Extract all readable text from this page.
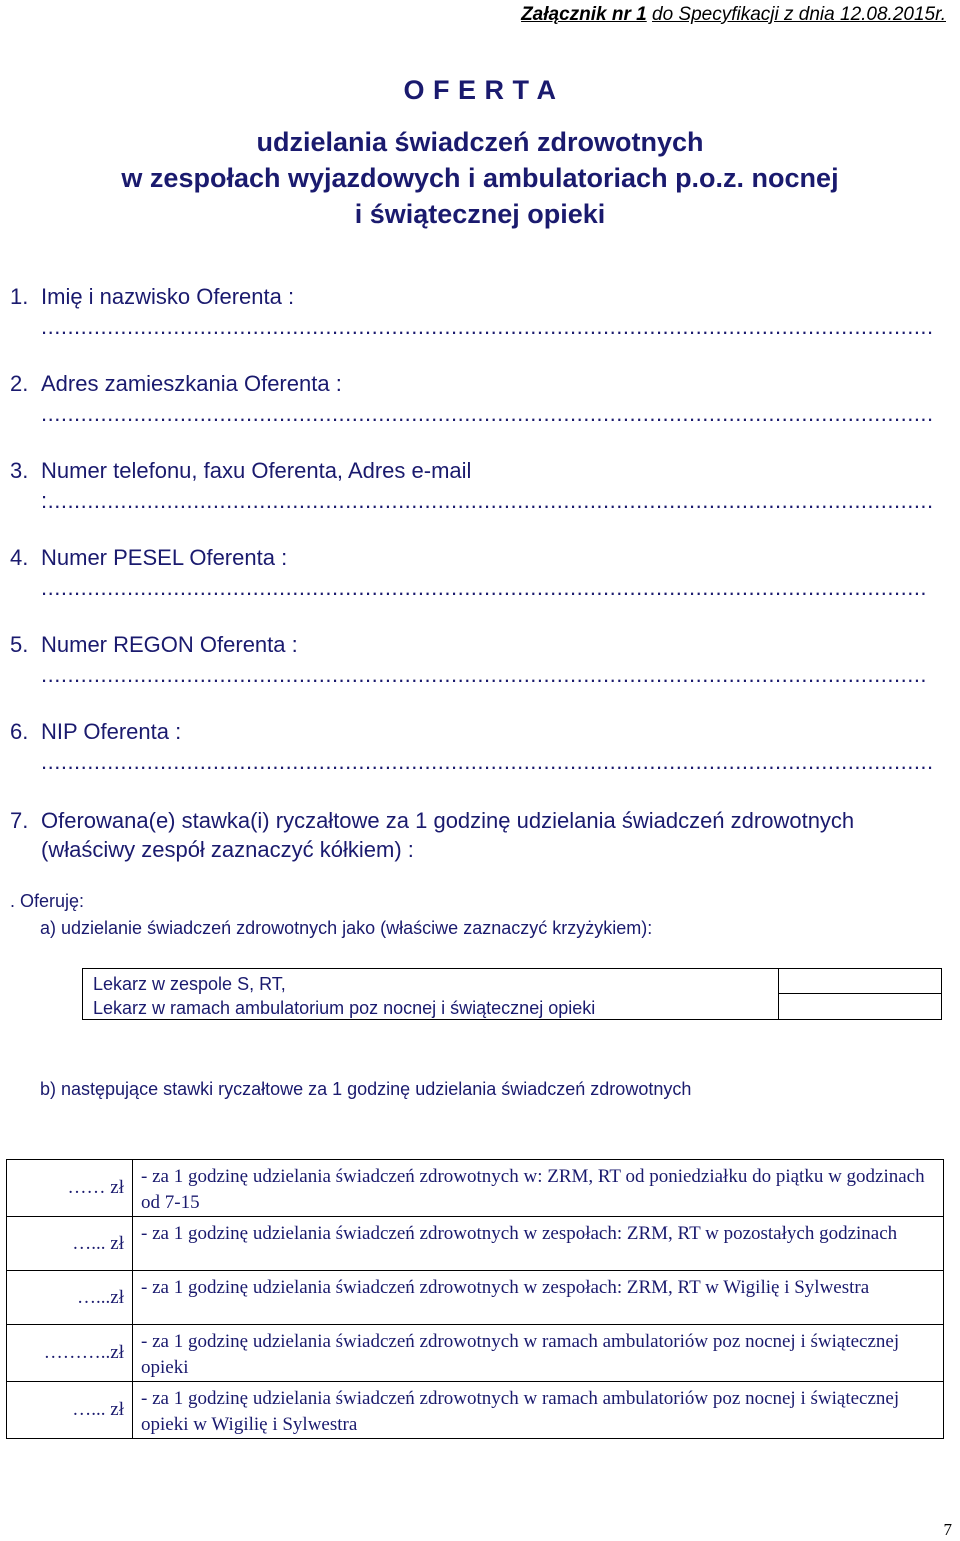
Załącznik nr 1 do Specyfikacji z dnia 12.08.2015r.
O F E R T A
udzielania świadczeń zdrowotnych
w zespołach wyjazdowych i ambulatoriach p.o.z. nocnej
i świątecznej opieki
1. Imię i nazwisko Oferenta :
.......................................................................................................................................
2. Adres zamieszkania Oferenta :
.......................................................................................................................................
3. Numer telefonu, faxu Oferenta, Adres e-mail
:......................................................................................................................................
4. Numer PESEL Oferenta :
......................................................................................................................................
5. Numer REGON Oferenta :
......................................................................................................................................
6. NIP Oferenta :
.......................................................................................................................................
7. Oferowana(e) stawka(i) ryczałtowe za 1 godzinę udzielania świadczeń zdrowotnych (właściwy zespół zaznaczyć kółkiem) :
. Oferuję:
a) udzielanie świadczeń zdrowotnych jako (właściwe zaznaczyć krzyżykiem):
Lekarz w zespole S, RT,
Lekarz w ramach ambulatorium poz nocnej i świątecznej opieki
b) następujące stawki ryczałtowe za 1 godzinę udzielania świadczeń zdrowotnych
…… zł	- za 1 godzinę udzielania świadczeń zdrowotnych w: ZRM, RT od poniedziałku do piątku w godzinach od 7-15
…... zł	- za 1 godzinę udzielania świadczeń zdrowotnych w zespołach: ZRM, RT w pozostałych godzinach
…...zł	- za 1 godzinę udzielania świadczeń zdrowotnych w zespołach: ZRM, RT w Wigilię i Sylwestra
………..zł	- za 1 godzinę udzielania świadczeń zdrowotnych w ramach ambulatoriów poz nocnej i świątecznej opieki
…... zł	- za 1 godzinę udzielania świadczeń zdrowotnych w ramach ambulatoriów poz nocnej i świątecznej opieki w Wigilię i Sylwestra
7
